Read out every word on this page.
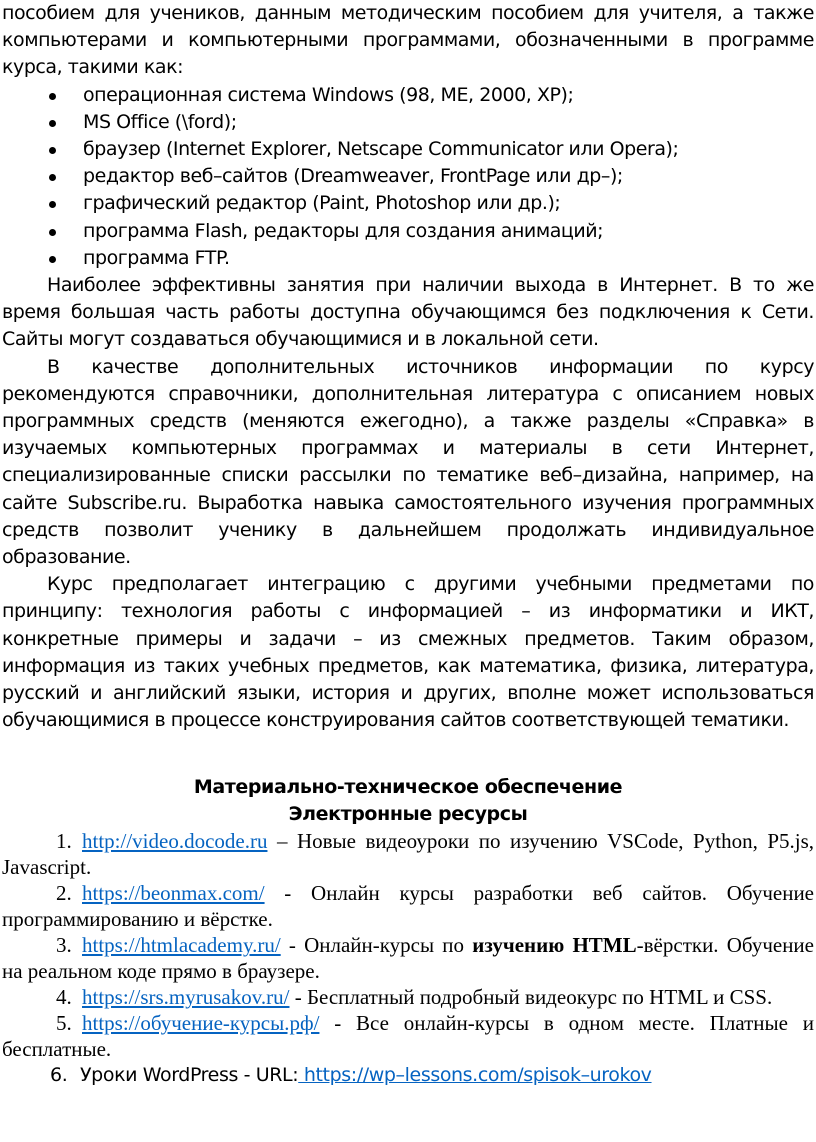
пособием для учеников, данным методическим пособием для учителя, а также компьютерами и компьютерными программами, обозначенными в программе курса, такими как:

операционная система Windows (98, ME, 2000, XP);
MS Office (\ford);
браузер (Internet Explorer, Netscape Communicator или Opera);
редактор веб–сайтов (Dreamweaver, FrontPage или др–);
графический редактор (Paint, Photoshop или др.);
программа Flash, редакторы для создания анимаций;
программа FTP.

Наиболее эффективны занятия при наличии выхода в Интернет. В то же время большая часть работы доступна обучающимся без подключения к Сети. Сайты могут создаваться обучающимися и в локальной сети.

В качестве дополнительных источников информации по курсу рекомендуются справочники, дополнительная литература с описанием новых программных средств (меняются ежегодно), а также разделы «Справка» в изучаемых компьютерных программах и материалы в сети Интернет, специализированные списки рассылки по тематике веб–дизайна, например, на сайте Subscribe.ru. Выработка навыка самостоятельного изучения программных средств позволит ученику в дальнейшем продолжать индивидуальное образование.

Курс предполагает интеграцию с другими учебными предметами по принципу: технология работы с информацией – из информатики и ИКТ, конкретные примеры и задачи – из смежных предметов. Таким образом, информация из таких учебных предметов, как математика, физика, литература, русский и английский языки, история и других, вполне может использоваться обучающимися в процессе конструирования сайтов соответствующей тематики.

Материально-техническое обеспечение
Электронные ресурсы
1. http://video.docode.ru – Новые видеоуроки по изучению VSCode, Python, P5.js, Javascript.
2. https://beonmax.com/ - Онлайн курсы разработки веб сайтов. Обучение программированию и вёрстке.
3. https://htmlacademy.ru/ - Онлайн-курсы по изучению HTML-вёрстки. Обучение на реальном коде прямо в браузере.
4. https://srs.myrusakov.ru/ - Бесплатный подробный видеокурс по HTML и CSS.
5. https://обучение-курсы.рф/ - Все онлайн-курсы в одном месте. Платные и бесплатные.
6. Уроки WordPress - URL: https://wp–lessons.com/spisok–urokov
